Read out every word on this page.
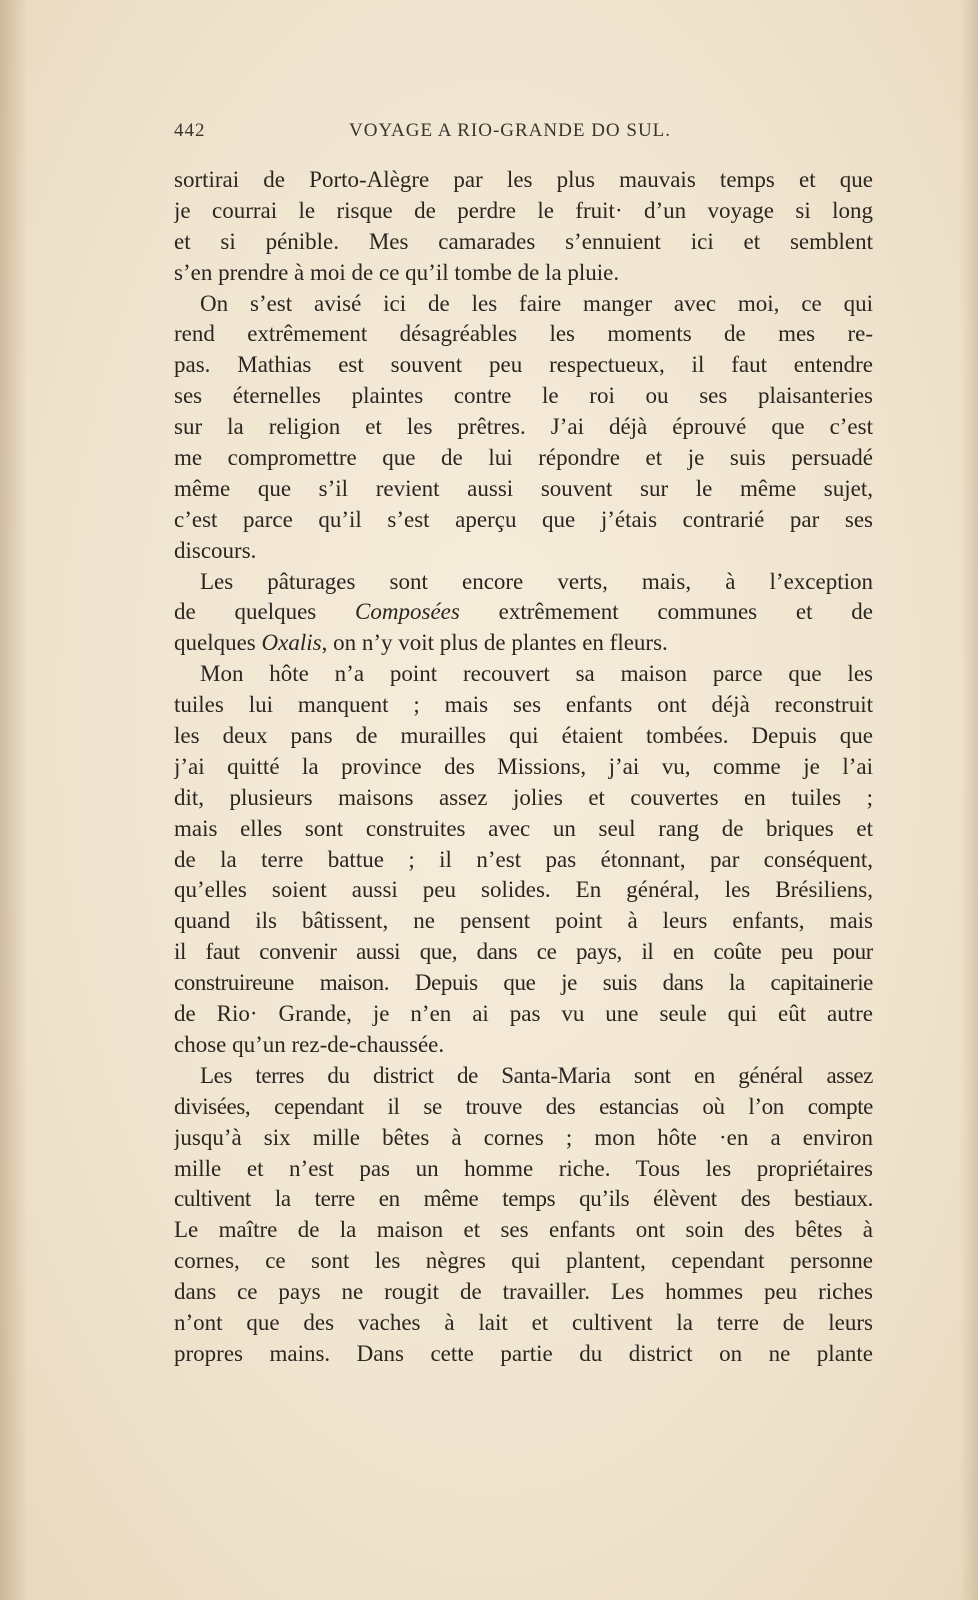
442	VOYAGE A RIO-GRANDE DO SUL.
sortirai de Porto-Alègre par les plus mauvais temps et que
je courrai le risque de perdre le fruit· d’un voyage si long
et si pénible. Mes camarades s’ennuient ici et semblent
s’en prendre à moi de ce qu’il tombe de la pluie.
On s’est avisé ici de les faire manger avec moi, ce qui
rend extrêmement désagréables les moments de mes re-
pas. Mathias est souvent peu respectueux, il faut entendre
ses éternelles plaintes contre le roi ou ses plaisanteries
sur la religion et les prêtres. J’ai déjà éprouvé que c’est
me compromettre que de lui répondre et je suis persuadé
même que s’il revient aussi souvent sur le même sujet,
c’est parce qu’il s’est aperçu que j’étais contrarié par ses
discours.
Les pâturages sont encore verts, mais, à l’exception
de quelques Composées extrêmement communes et de
quelques Oxalis, on n’y voit plus de plantes en fleurs.
Mon hôte n’a point recouvert sa maison parce que les
tuiles lui manquent ; mais ses enfants ont déjà reconstruit
les deux pans de murailles qui étaient tombées. Depuis que
j’ai quitté la province des Missions, j’ai vu, comme je l’ai
dit, plusieurs maisons assez jolies et couvertes en tuiles ;
mais elles sont construites avec un seul rang de briques et
de la terre battue ; il n’est pas étonnant, par conséquent,
qu’elles soient aussi peu solides. En général, les Brésiliens,
quand ils bâtissent, ne pensent point à leurs enfants, mais
il faut convenir aussi que, dans ce pays, il en coûte peu pour
construireune maison. Depuis que je suis dans la capitainerie
de Rio· Grande, je n’en ai pas vu une seule qui eût autre
chose qu’un rez-de-chaussée.
Les terres du district de Santa-Maria sont en général assez
divisées, cependant il se trouve des estancias où l’on compte
jusqu’à six mille bêtes à cornes ; mon hôte ·en a environ
mille et n’est pas un homme riche. Tous les propriétaires
cultivent la terre en même temps qu’ils élèvent des bestiaux.
Le maître de la maison et ses enfants ont soin des bêtes à
cornes, ce sont les nègres qui plantent, cependant personne
dans ce pays ne rougit de travailler. Les hommes peu riches
n’ont que des vaches à lait et cultivent la terre de leurs
propres mains. Dans cette partie du district on ne plante
